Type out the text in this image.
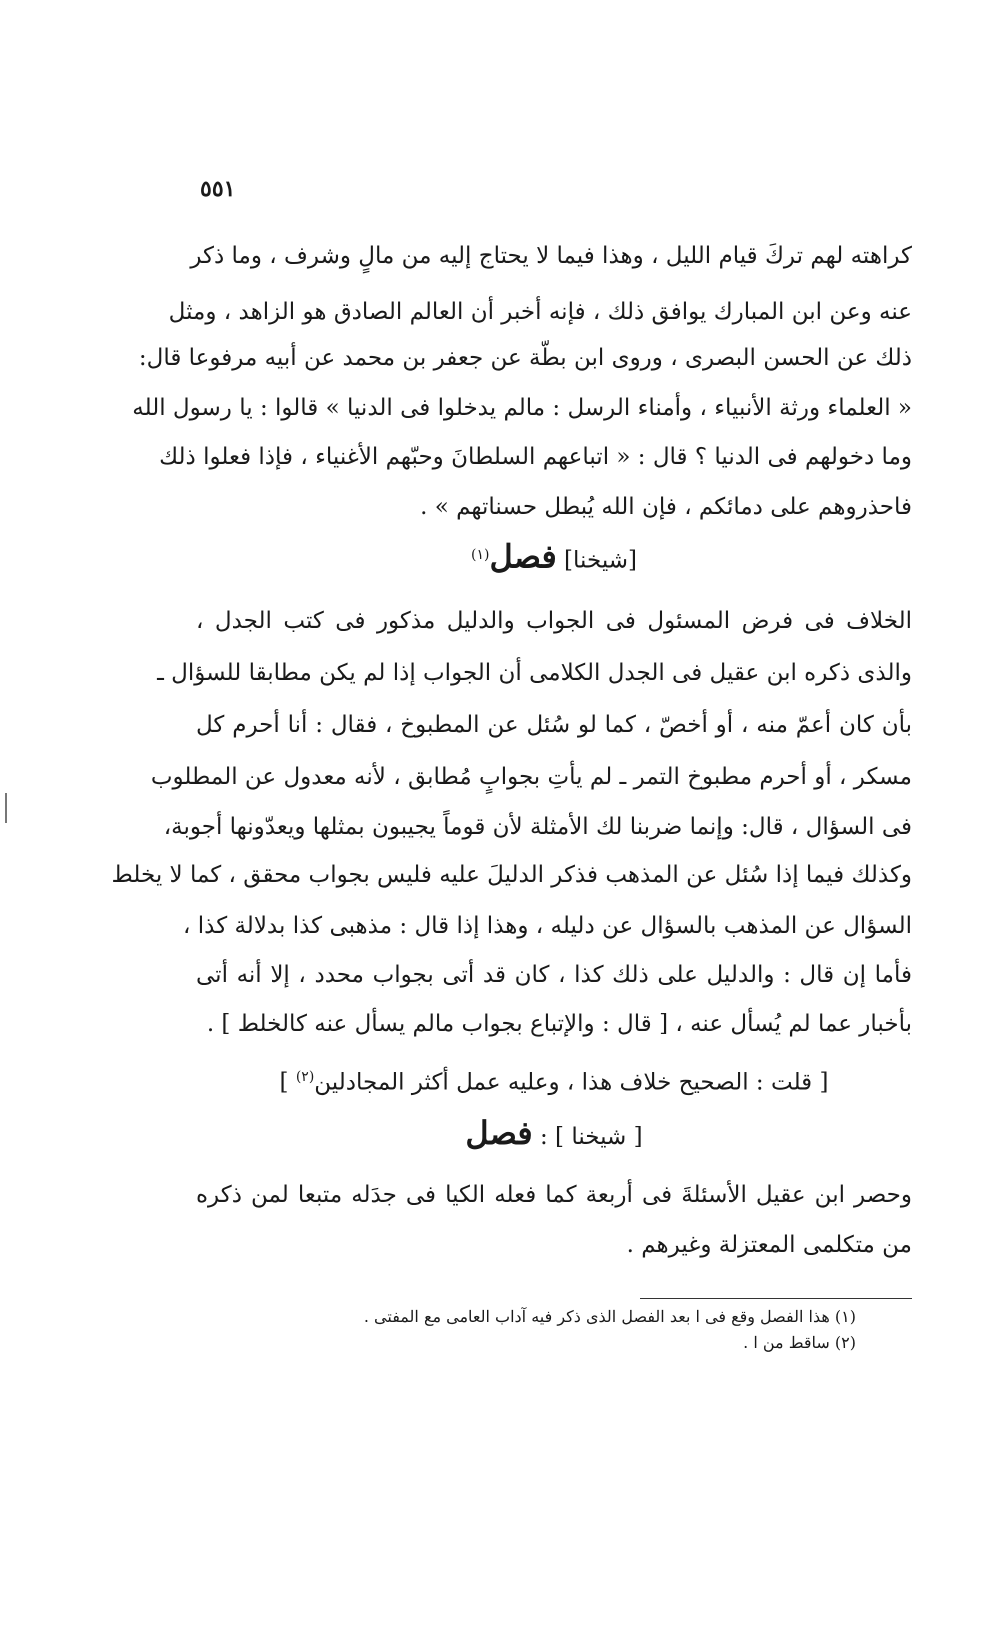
٥٥١
كراهته لهم تركَ قيام الليل ، وهذا فيما لا يحتاج إليه من مالٍ وشرف ، وما ذكر
عنه وعن ابن المبارك يوافق ذلك ، فإنه أخبر أن العالم الصادق هو الزاهد ، ومثل
ذلك عن الحسن البصرى ، وروى ابن بطّة عن جعفر بن محمد عن أبيه مرفوعا قال:
« العلماء ورثة الأنبياء ، وأمناء الرسل : مالم يدخلوا فى الدنيا » قالوا : يا رسول الله
وما دخولهم فى الدنيا ؟ قال : « اتباعهم السلطانَ وحبّهم الأغنياء ، فإذا فعلوا ذلك
فاحذروهم على دمائكم ، فإن الله يُبطل حسناتهم » .
[شيخنا] فصل$^{(١)}$
الخلاف فى فرض المسئول فى الجواب والدليل مذكور فى كتب الجدل ،
والذى ذكره ابن عقيل فى الجدل الكلامى أن الجواب إذا لم يكن مطابقا للسؤال ـ
بأن كان أعمّ منه ، أو أخصّ ، كما لو سُئل عن المطبوخ ، فقال : أنا أحرم كل
مسكر ، أو أحرم مطبوخ التمر ـ لم يأتِ بجوابٍ مُطابق ، لأنه معدول عن المطلوب
فى السؤال ، قال: وإنما ضربنا لك الأمثلة لأن قوماً يجيبون بمثلها ويعدّونها أجوبة،
وكذلك فيما إذا سُئل عن المذهب فذكر الدليلَ عليه فليس بجواب محقق ، كما لا يخلط
السؤال عن المذهب بالسؤال عن دليله ، وهذا إذا قال : مذهبى كذا بدلالة كذا ،
فأما إن قال : والدليل على ذلك كذا ، كان قد أتى بجواب محدد ، إلا أنه أتى
بأخبار عما لم يُسأل عنه ، [ قال : والإتباع بجواب مالم يسأل عنه كالخلط ] .
[ قلت : الصحيح خلاف هذا ، وعليه عمل أكثر المجادلين$^{(٢)}$ ]
[ شيخنا ] : فصل
وحصر ابن عقيل الأسئلةَ فى أربعة كما فعله الكيا فى جدَله متبعا لمن ذكره
من متكلمى المعتزلة وغيرهم .
(١) هذا الفصل وقع فى ا بعد الفصل الذى ذكر فيه آداب العامى مع المفتى .
(٢) ساقط من ا .
